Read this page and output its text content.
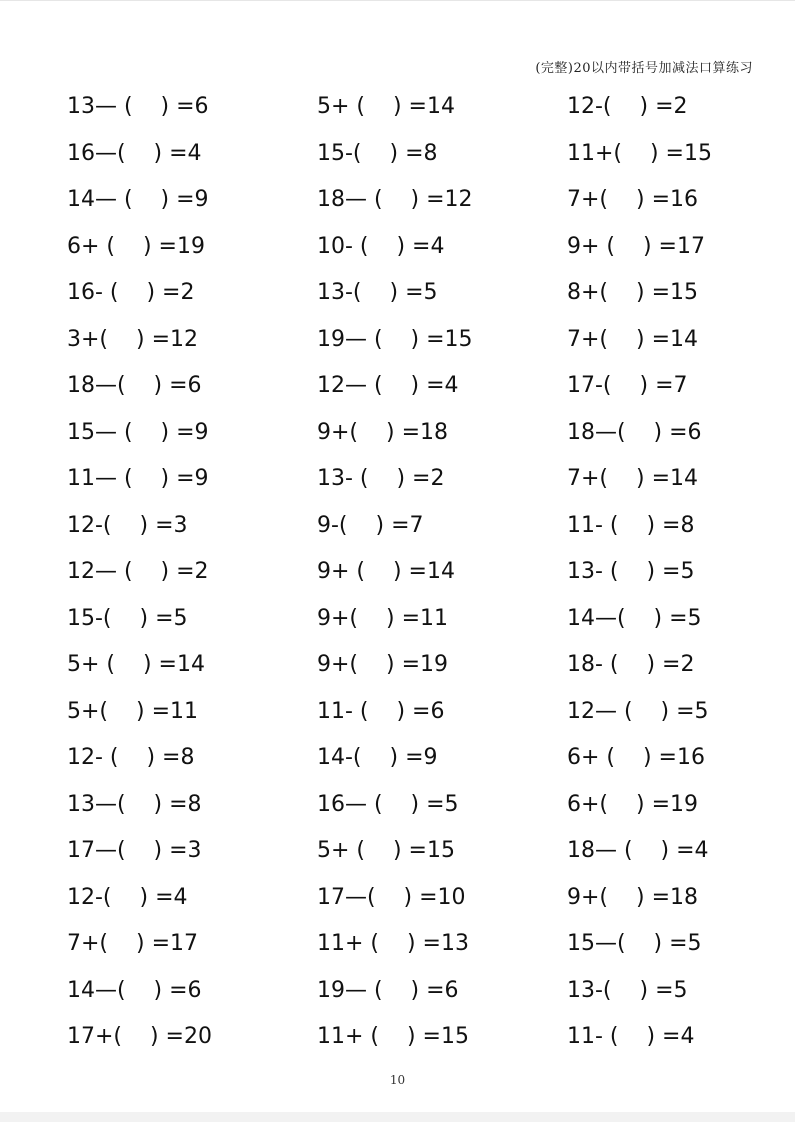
(完整)20以内带括号加减法口算练习
13— (    ) =6	5+ (    ) =14	12-(    ) =2
16—(    ) =4	15-(    ) =8	11+(    ) =15
14— (    ) =9	18— (    ) =12	7+(    ) =16
6+ (    ) =19	10- (    ) =4	9+ (    ) =17
16- (    ) =2	13-(    ) =5	8+(    ) =15
3+(    ) =12	19— (    ) =15	7+(    ) =14
18—(    ) =6	12— (    ) =4	17-(    ) =7
15— (    ) =9	9+(    ) =18	18—(    ) =6
11— (    ) =9	13- (    ) =2	7+(    ) =14
12-(    ) =3	9-(    ) =7	11- (    ) =8
12— (    ) =2	9+ (    ) =14	13- (    ) =5
15-(    ) =5	9+(    ) =11	14—(    ) =5
5+ (    ) =14	9+(    ) =19	18- (    ) =2
5+(    ) =11	11- (    ) =6	12— (    ) =5
12- (    ) =8	14-(    ) =9	6+ (    ) =16
13—(    ) =8	16— (    ) =5	6+(    ) =19
17—(    ) =3	5+ (    ) =15	18— (    ) =4
12-(    ) =4	17—(    ) =10	9+(    ) =18
7+(    ) =17	11+ (    ) =13	15—(    ) =5
14—(    ) =6	19— (    ) =6	13-(    ) =5
17+(    ) =20	11+ (    ) =15	11- (    ) =4
10
